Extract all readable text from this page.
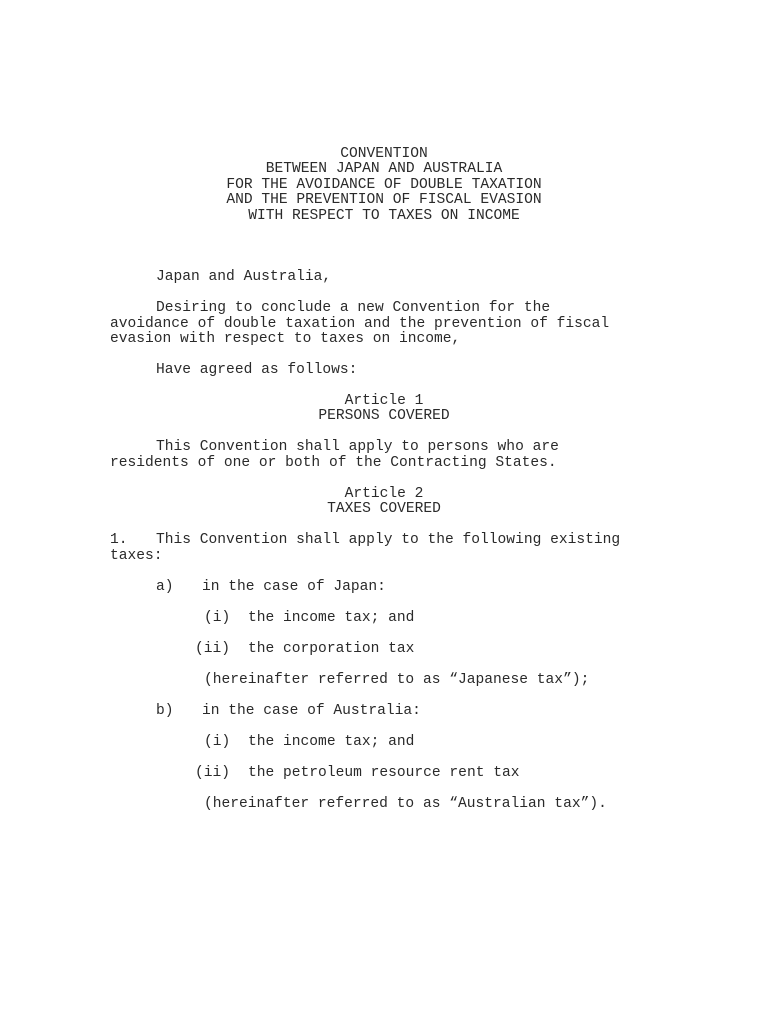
CONVENTION
BETWEEN JAPAN AND AUSTRALIA
FOR THE AVOIDANCE OF DOUBLE TAXATION
AND THE PREVENTION OF FISCAL EVASION
WITH RESPECT TO TAXES ON INCOME
Japan and Australia,
Desiring to conclude a new Convention for the
avoidance of double taxation and the prevention of fiscal
evasion with respect to taxes on income,
Have agreed as follows:
Article 1
PERSONS COVERED
This Convention shall apply to persons who are
residents of one or both of the Contracting States.
Article 2
TAXES COVERED
1. This Convention shall apply to the following existing
taxes:
a) in the case of Japan:
(i) the income tax; and
(ii) the corporation tax
(hereinafter referred to as “Japanese tax”);
b) in the case of Australia:
(i) the income tax; and
(ii) the petroleum resource rent tax
(hereinafter referred to as “Australian tax”).
